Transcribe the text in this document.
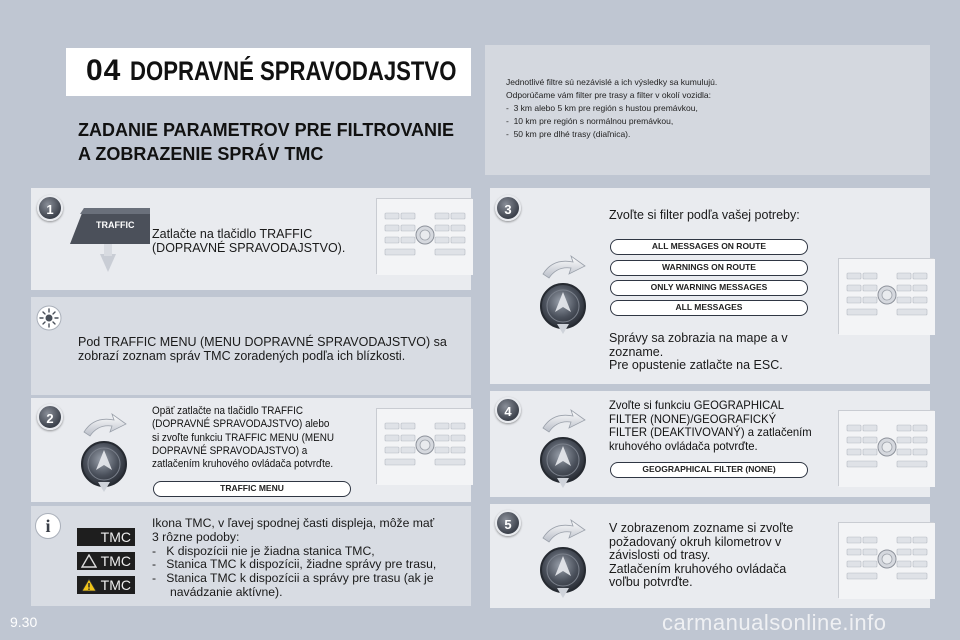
04 DOPRAVNÉ SPRAVODAJSTVO
ZADANIE PARAMETROV PRE FILTROVANIE
A ZOBRAZENIE SPRÁV TMC
Jednotlivé filtre sú nezávislé a ich výsledky sa kumulujú.
Odporúčame vám filter pre trasy a filter v okolí vozidla:
-  3 km alebo 5 km pre región s hustou premávkou,
-  10 km pre región s normálnou premávkou,
-  50 km pre dlhé trasy (diaľnica).
1
TRAFFIC
Zatlačte na tlačidlo TRAFFIC
(DOPRAVNÉ SPRAVODAJSTVO).
Pod TRAFFIC MENU (MENU DOPRAVNÉ SPRAVODAJSTVO) sa
zobrazí zoznam správ TMC zoradených podľa ich blízkosti.
2	Opäť zatlačte na tlačidlo TRAFFIC
(DOPRAVNÉ SPRAVODAJSTVO) alebo
si zvoľte funkciu TRAFFIC MENU (MENU
DOPRAVNÉ SPRAVODAJSTVO) a
zatlačením kruhového ovládača potvrďte.
TRAFFIC MENU
i
TMC
TMC
TMC
Ikona TMC, v ľavej spodnej časti displeja, môže mať
3 rôzne podoby:
-   K dispozícii nie je žiadna stanica TMC,
-   Stanica TMC k dispozícii, žiadne správy pre trasu,
-   Stanica TMC k dispozícii a správy pre trasu (ak je
navádzanie aktívne).
3	Zvoľte si filter podľa vašej potreby:
ALL MESSAGES ON ROUTE
WARNINGS ON ROUTE
ONLY WARNING MESSAGES
ALL MESSAGES
Správy sa zobrazia na mape a v
zozname.
Pre opustenie zatlačte na ESC.
4	Zvoľte si funkciu GEOGRAPHICAL
FILTER (NONE)/GEOGRAFICKÝ
FILTER (DEAKTIVOVANÝ) a zatlačením
kruhového ovládača potvrďte.
GEOGRAPHICAL FILTER (NONE)
5	V zobrazenom zozname si zvoľte
požadovaný okruh kilometrov v
závislosti od trasy.
Zatlačením kruhového ovládača
voľbu potvrďte.
9.30	carmanualsonline.info
